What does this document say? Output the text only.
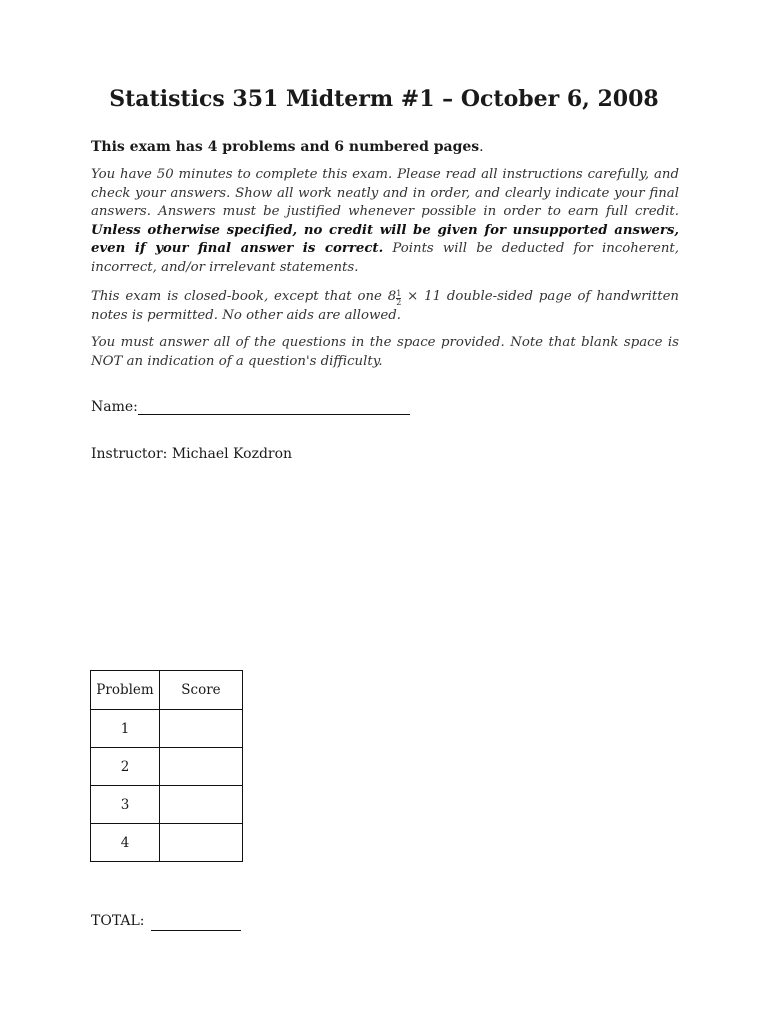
Statistics 351 Midterm #1 – October 6, 2008
This exam has 4 problems and 6 numbered pages.
You have 50 minutes to complete this exam. Please read all instructions carefully, and check your answers. Show all work neatly and in order, and clearly indicate your final answers. Answers must be justified whenever possible in order to earn full credit. Unless otherwise specified, no credit will be given for unsupported answers, even if your final answer is correct. Points will be deducted for incoherent, incorrect, and/or irrelevant statements.
This exam is closed-book, except that one $8 \frac{1}{2} \times 11$ double-sided page of handwritten notes is permitted. No other aids are allowed.
You must answer all of the questions in the space provided. Note that blank space is NOT an indication of a question's difficulty.
Name:
Instructor: Michael Kozdron
Problem	Score
1	
2	
3	
4	
TOTAL:
